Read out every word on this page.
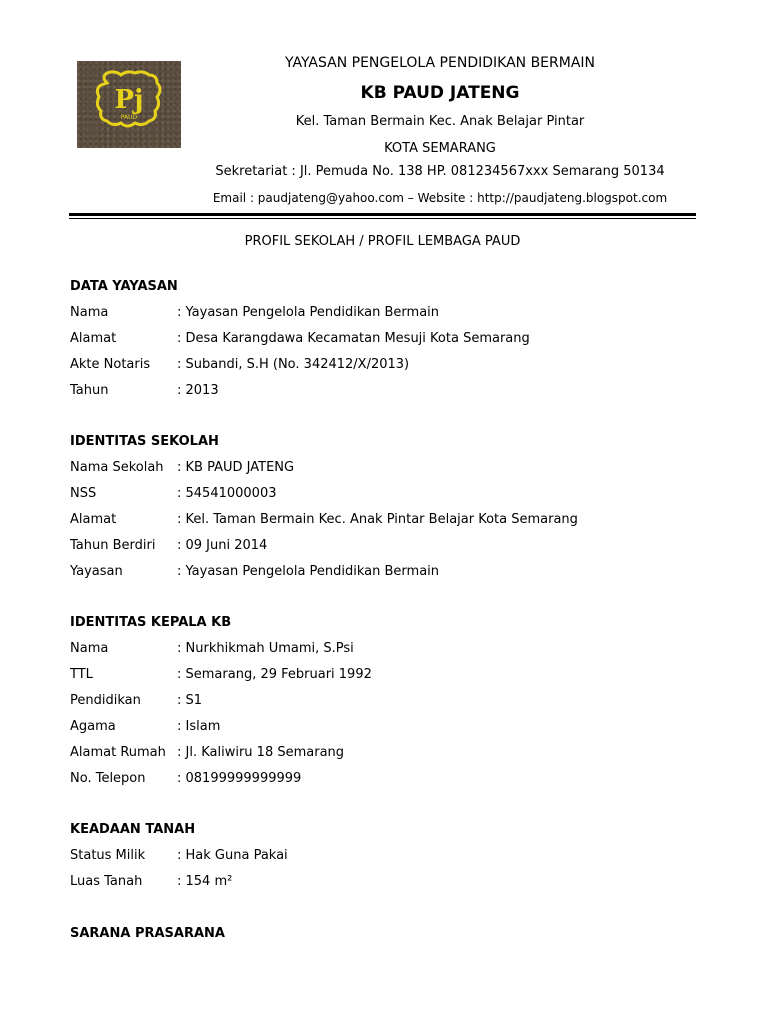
Pj
PAUD
YAYASAN PENGELOLA PENDIDIKAN BERMAIN
KB PAUD JATENG
Kel. Taman Bermain Kec. Anak Belajar Pintar
KOTA SEMARANG
Sekretariat : Jl. Pemuda No. 138 HP. 081234567xxx Semarang 50134
Email : paudjateng@yahoo.com – Website : http://paudjateng.blogspot.com
PROFIL SEKOLAH / PROFIL LEMBAGA PAUD
DATA YAYASAN
Nama	: Yayasan Pengelola Pendidikan Bermain
Alamat	: Desa Karangdawa Kecamatan Mesuji Kota Semarang
Akte Notaris : Subandi, S.H (No. 342412/X/2013)
Tahun	: 2013
IDENTITAS SEKOLAH
Nama Sekolah : KB PAUD JATENG
NSS	: 54541000003
Alamat	: Kel. Taman Bermain Kec. Anak Pintar Belajar Kota Semarang
Tahun Berdiri : 09 Juni 2014
Yayasan	: Yayasan Pengelola Pendidikan Bermain
IDENTITAS KEPALA KB
Nama	: Nurkhikmah Umami, S.Psi
TTL	: Semarang, 29 Februari 1992
Pendidikan	: S1
Agama	: Islam
Alamat Rumah : Jl. Kaliwiru 18 Semarang
No. Telepon : 08199999999999
KEADAAN TANAH
Status Milik : Hak Guna Pakai
Luas Tanah	: 154 m²
SARANA PRASARANA
